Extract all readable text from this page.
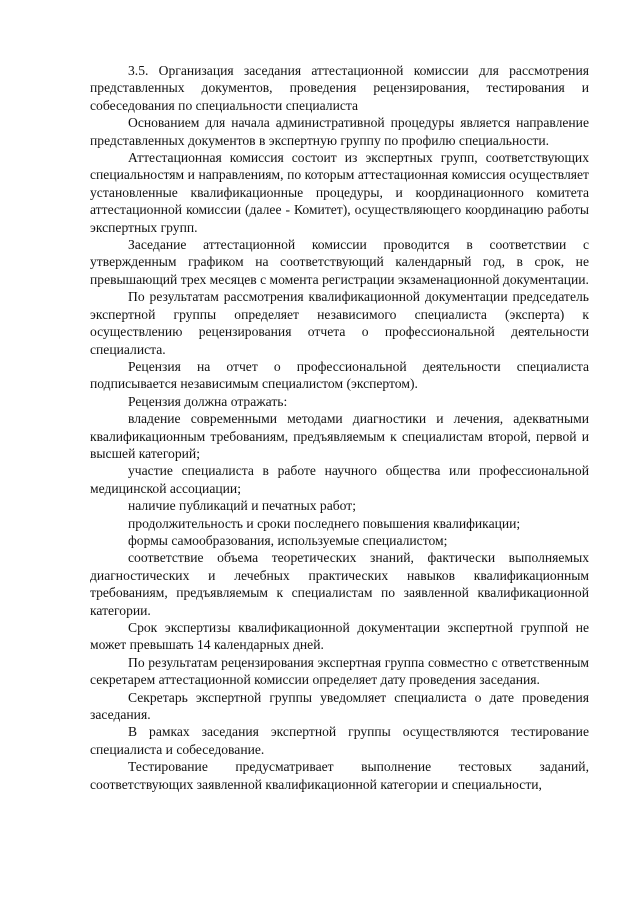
3.5. Организация заседания аттестационной комиссии для рассмотрения представленных документов, проведения рецензирования, тестирования и собеседования по специальности специалиста

Основанием для начала административной процедуры является направление представленных документов в экспертную группу по профилю специальности.

Аттестационная комиссия состоит из экспертных групп, соответствующих специальностям и направлениям, по которым аттестационная комиссия осуществляет установленные квалификационные процедуры, и координационного комитета аттестационной комиссии (далее - Комитет), осуществляющего координацию работы экспертных групп.

Заседание аттестационной комиссии проводится в соответствии с утвержденным графиком на соответствующий календарный год, в срок, не превышающий трех месяцев с момента регистрации экзаменационной документации.

По результатам рассмотрения квалификационной документации председатель экспертной группы определяет независимого специалиста (эксперта) к осуществлению рецензирования отчета о профессиональной деятельности специалиста.

Рецензия на отчет о профессиональной деятельности специалиста подписывается независимым специалистом (экспертом).

Рецензия должна отражать:

владение современными методами диагностики и лечения, адекватными квалификационным требованиям, предъявляемым к специалистам второй, первой и высшей категорий;

участие специалиста в работе научного общества или профессиональной медицинской ассоциации;

наличие публикаций и печатных работ;

продолжительность и сроки последнего повышения квалификации;

формы самообразования, используемые специалистом;

соответствие объема теоретических знаний, фактически выполняемых диагностических и лечебных практических навыков квалификационным требованиям, предъявляемым к специалистам по заявленной квалификационной категории.

Срок экспертизы квалификационной документации экспертной группой не может превышать 14 календарных дней.

По результатам рецензирования экспертная группа совместно с ответственным секретарем аттестационной комиссии определяет дату проведения заседания.

Секретарь экспертной группы уведомляет специалиста о дате проведения заседания.

В рамках заседания экспертной группы осуществляются тестирование специалиста и собеседование.

Тестирование предусматривает выполнение тестовых заданий, соответствующих заявленной квалификационной категории и специальности,
